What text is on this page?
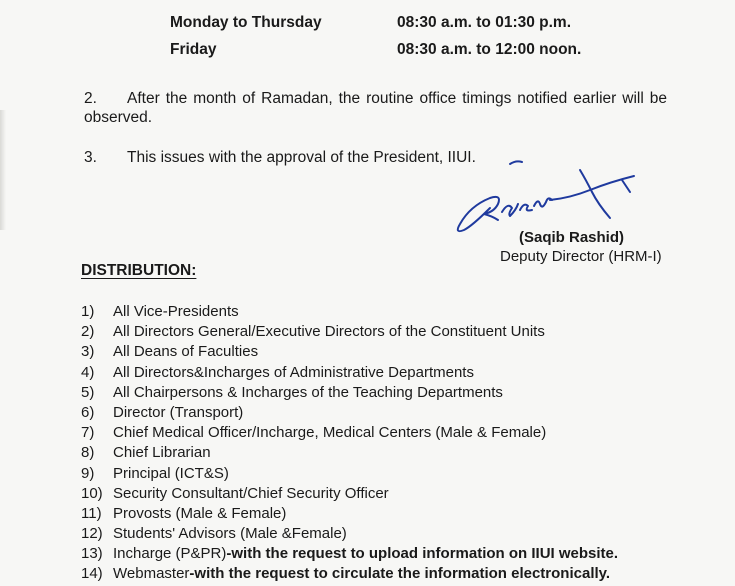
Monday to Thursday	08:30 a.m. to 01:30 p.m.
Friday	08:30 a.m. to 12:00 noon.
2. After the month of Ramadan, the routine office timings notified earlier will be
observed.
3. This issues with the approval of the President, IIUI.
(Saqib Rashid)
Deputy Director (HRM-I)
DISTRIBUTION:
1) All Vice-Presidents
2) All Directors General/Executive Directors of the Constituent Units
3) All Deans of Faculties
4) All Directors&Incharges of Administrative Departments
5) All Chairpersons & Incharges of the Teaching Departments
6) Director (Transport)
7) Chief Medical Officer/Incharge, Medical Centers (Male & Female)
8) Chief Librarian
9) Principal (ICT&S)
10) Security Consultant/Chief Security Officer
11) Provosts (Male & Female)
12) Students' Advisors (Male &Female)
13) Incharge (P&PR)-with the request to upload information on IIUI website.
14) Webmaster-with the request to circulate the information electronically.
